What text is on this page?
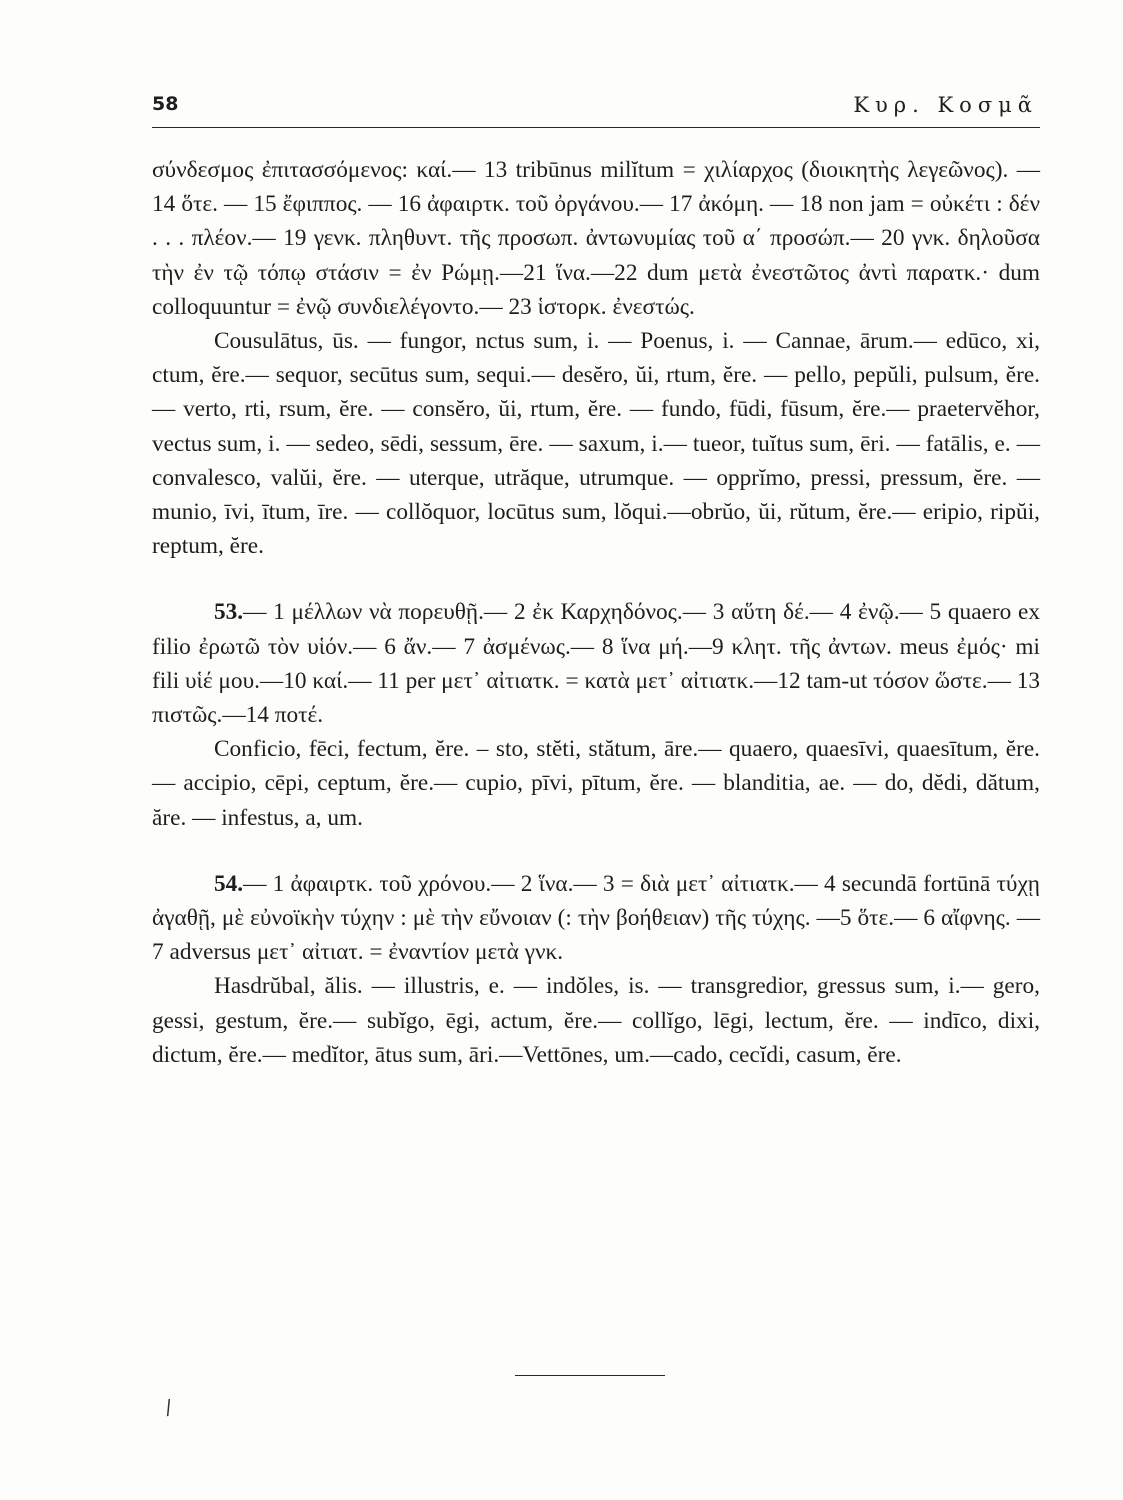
58	Κυρ. Κοσμᾶ

σύνδεσμος ἐπιτασσόμενος: καί.— 13 tribūnus milĭtum = χιλίαρχος (διοικητὴς λεγεῶνος). — 14 ὅτε. — 15 ἔφιππος. — 16 ἀφαιρτκ. τοῦ ὀργάνου.— 17 ἀκόμη. — 18 non jam = οὐκέτι : δέν . . . πλέον.— 19 γενκ. πληθυντ. τῆς προσωπ. ἀντωνυμίας τοῦ α΄ προσώπ.— 20 γνκ. δηλοῦσα τὴν ἐν τῷ τόπῳ στάσιν = ἐν Ρώμῃ.—21 ἵνα.—22 dum μετὰ ἐνεστῶτος ἀντὶ παρατκ.· dum colloquuntur = ἐνῷ συνδιελέγοντο.— 23 ἱστορκ. ἐνεστώς.

Cousulātus, ūs. — fungor, nctus sum, i. — Poenus, i. — Cannae, ārum.— edūco, xi, ctum, ĕre.— sequor, secūtus sum, sequi.— desĕro, ŭi, rtum, ĕre. — pello, pepŭli, pulsum, ĕre. — verto, rti, rsum, ĕre. — consĕro, ŭi, rtum, ĕre. — fundo, fūdi, fūsum, ĕre.— praetervĕhor, vectus sum, i. — sedeo, sēdi, sessum, ēre. — saxum, i.— tueor, tuĭtus sum, ēri. — fatālis, e. — convalesco, valŭi, ĕre. — uterque, utrăque, utrumque. — opprĭmo, pressi, pressum, ĕre. — munio, īvi, ītum, īre. — collŏquor, locūtus sum, lŏqui.—obrŭo, ŭi, rŭtum, ĕre.— eripio, ripŭi, reptum, ĕre.

53.— 1 μέλλων νὰ πορευθῇ.— 2 ἐκ Καρχηδόνος.— 3 αὕτη δέ.— 4 ἐνῷ.— 5 quaero ex filio ἐρωτῶ τὸν υἱόν.— 6 ἄν.— 7 ἀσμένως.— 8 ἵνα μή.—9 κλητ. τῆς ἀντων. meus ἐμός· mi fili υἱέ μου.—10 καί.— 11 per μετ᾽ αἰτιατκ. = κατὰ μετ᾽ αἰτιατκ.—12 tam-ut τόσον ὥστε.— 13 πιστῶς.—14 ποτέ.

Conficio, fēci, fectum, ĕre. – sto, stĕti, stătum, āre.— quaero, quaesīvi, quaesītum, ĕre.— accipio, cēpi, ceptum, ĕre.— cupio, pīvi, pītum, ĕre. — blanditia, ae. — do, dĕdi, dătum, ăre. — infestus, a, um.

54.— 1 ἀφαιρτκ. τοῦ χρόνου.— 2 ἵνα.— 3 = διὰ μετ᾽ αἰτιατκ.— 4 secundā fortūnā τύχῃ ἀγαθῇ, μὲ εὐνοϊκὴν τύχην : μὲ τὴν εὔνοιαν (: τὴν βοήθειαν) τῆς τύχης. —5 ὅτε.— 6 αἴφνης. — 7 adversus μετ᾽ αἰτιατ. = ἐναντίον μετὰ γνκ.

Hasdrŭbal, ălis. — illustris, e. — indŏles, is. — transgredior, gressus sum, i.— gero, gessi, gestum, ĕre.— subĭgo, ēgi, actum, ĕre.— collĭgo, lēgi, lectum, ĕre. — indīco, dixi, dictum, ĕre.— medĭtor, ātus sum, āri.—Vettōnes, um.—cado, cecĭdi, casum, ĕre.

/
